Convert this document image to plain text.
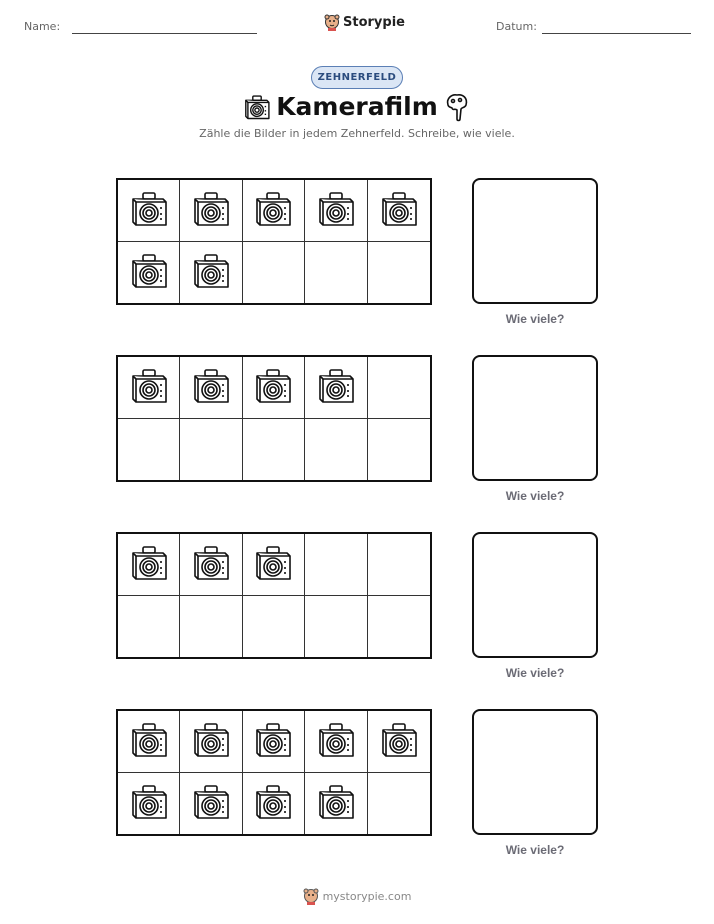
Name:	Storypie	Datum:
ZEHNERFELD
Kamerafilm
Zähle die Bilder in jedem Zehnerfeld. Schreibe, wie viele.
Wie viele?
Wie viele?
Wie viele?
Wie viele?
mystorypie.com
